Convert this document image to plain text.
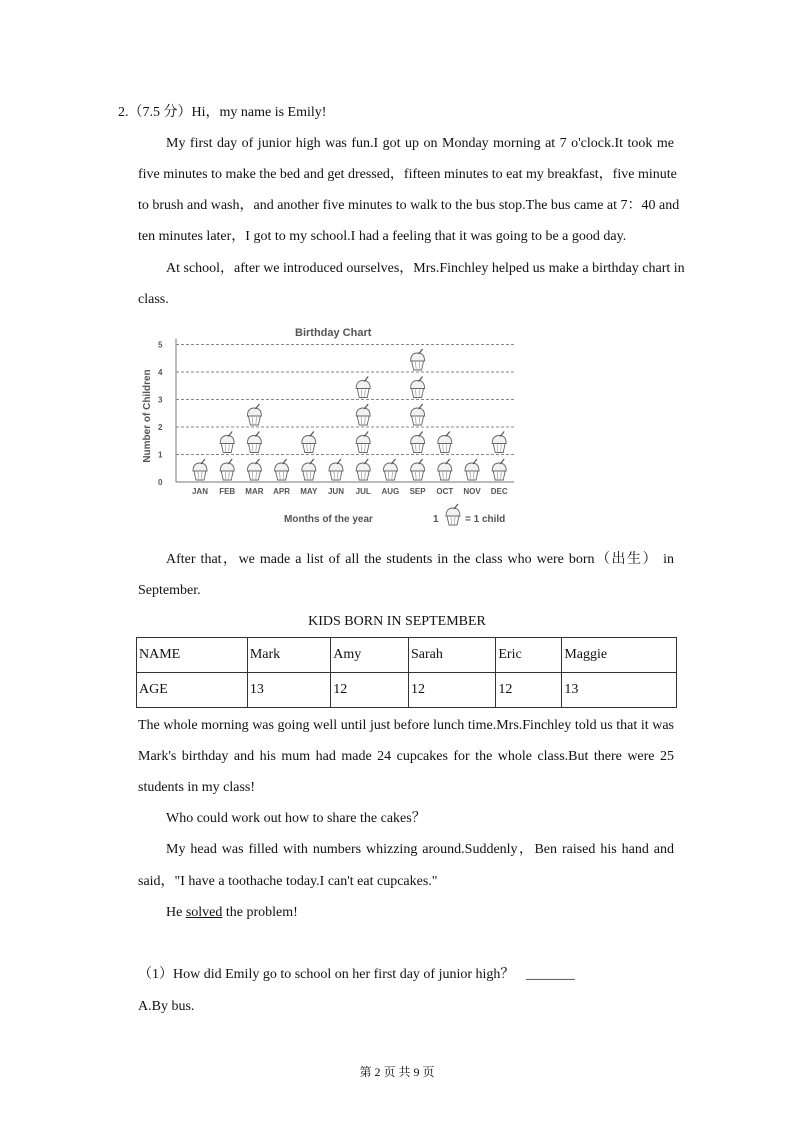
2.（7.5 分）Hi，my name is Emily!
My first day of junior high was fun.I got up on Monday morning at 7 o'clock.It took me
five minutes to make the bed and get dressed，fifteen minutes to eat my breakfast，five minute
to brush and wash，and another five minutes to walk to the bus stop.The bus came at 7：40 and
ten minutes later，I got to my school.I had a feeling that it was going to be a good day.
At school，after we introduced ourselves，Mrs.Finchley helped us make a birthday chart in
class.
0
1
2
3
4
5
Birthday Chart
Number of Children
Months of the year	1	= 1 child
JAN FEB MAR APR MAY JUN JUL AUG SEP OCT NOV DEC
After that，we made a list of all the students in the class who were born（出生） in
September.
KIDS BORN IN SEPTEMBER
NAME	Mark	Amy	Sarah	Eric	Maggie
AGE	13	12	12	12	13
The whole morning was going well until just before lunch time.Mrs.Finchley told us that it was
Mark's birthday and his mum had made 24 cupcakes for the whole class.But there were 25
students in my class!
Who could work out how to share the cakes？
My head was filled with numbers whizzing around.Suddenly，Ben raised his hand and
said，"I have a toothache today.I can't eat cupcakes."
He solved the problem!
（1）How did Emily go to school on her first day of junior high？ _______
A.By bus.
第 2 页 共 9 页
